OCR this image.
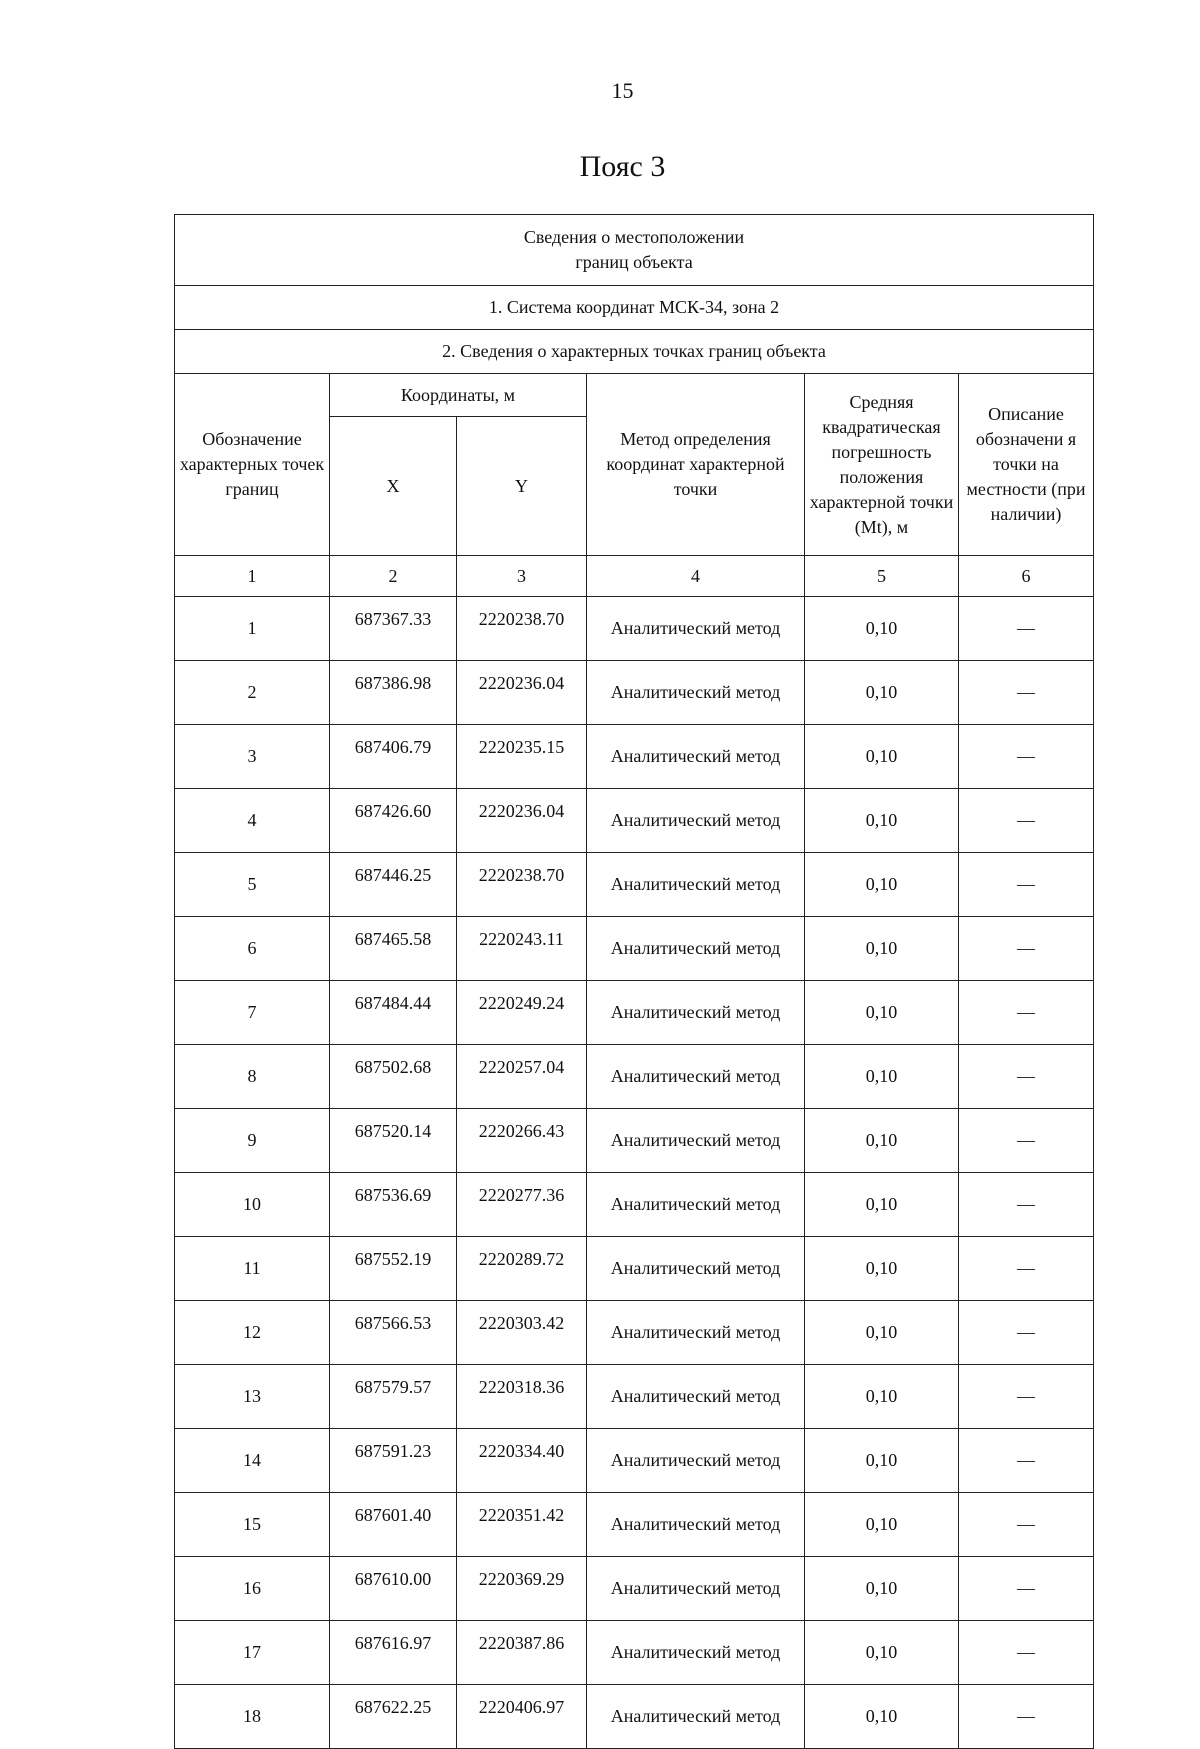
15
Пояс 3
Сведения о местоположении
границ объекта					

1. Система координат МСК-34, зона 2					
2. Сведения о характерных точках границ объекта					
Обозначение характерных точек границ	Координаты, м		Метод определения координат характерной точки	Средняя квадратическая погрешность положения характерной точки (Mt), м	Описание обозначени я точки на местности (при наличии)
	X	Y			
1	2	3	4	5	6
1	687367.33	2220238.70	Аналитический метод	0,10	—
2	687386.98	2220236.04	Аналитический метод	0,10	—
3	687406.79	2220235.15	Аналитический метод	0,10	—
4	687426.60	2220236.04	Аналитический метод	0,10	—
5	687446.25	2220238.70	Аналитический метод	0,10	—
6	687465.58	2220243.11	Аналитический метод	0,10	—
7	687484.44	2220249.24	Аналитический метод	0,10	—
8	687502.68	2220257.04	Аналитический метод	0,10	—
9	687520.14	2220266.43	Аналитический метод	0,10	—
10	687536.69	2220277.36	Аналитический метод	0,10	—
11	687552.19	2220289.72	Аналитический метод	0,10	—
12	687566.53	2220303.42	Аналитический метод	0,10	—
13	687579.57	2220318.36	Аналитический метод	0,10	—
14	687591.23	2220334.40	Аналитический метод	0,10	—
15	687601.40	2220351.42	Аналитический метод	0,10	—
16	687610.00	2220369.29	Аналитический метод	0,10	—
17	687616.97	2220387.86	Аналитический метод	0,10	—
18	687622.25	2220406.97	Аналитический метод	0,10	—
